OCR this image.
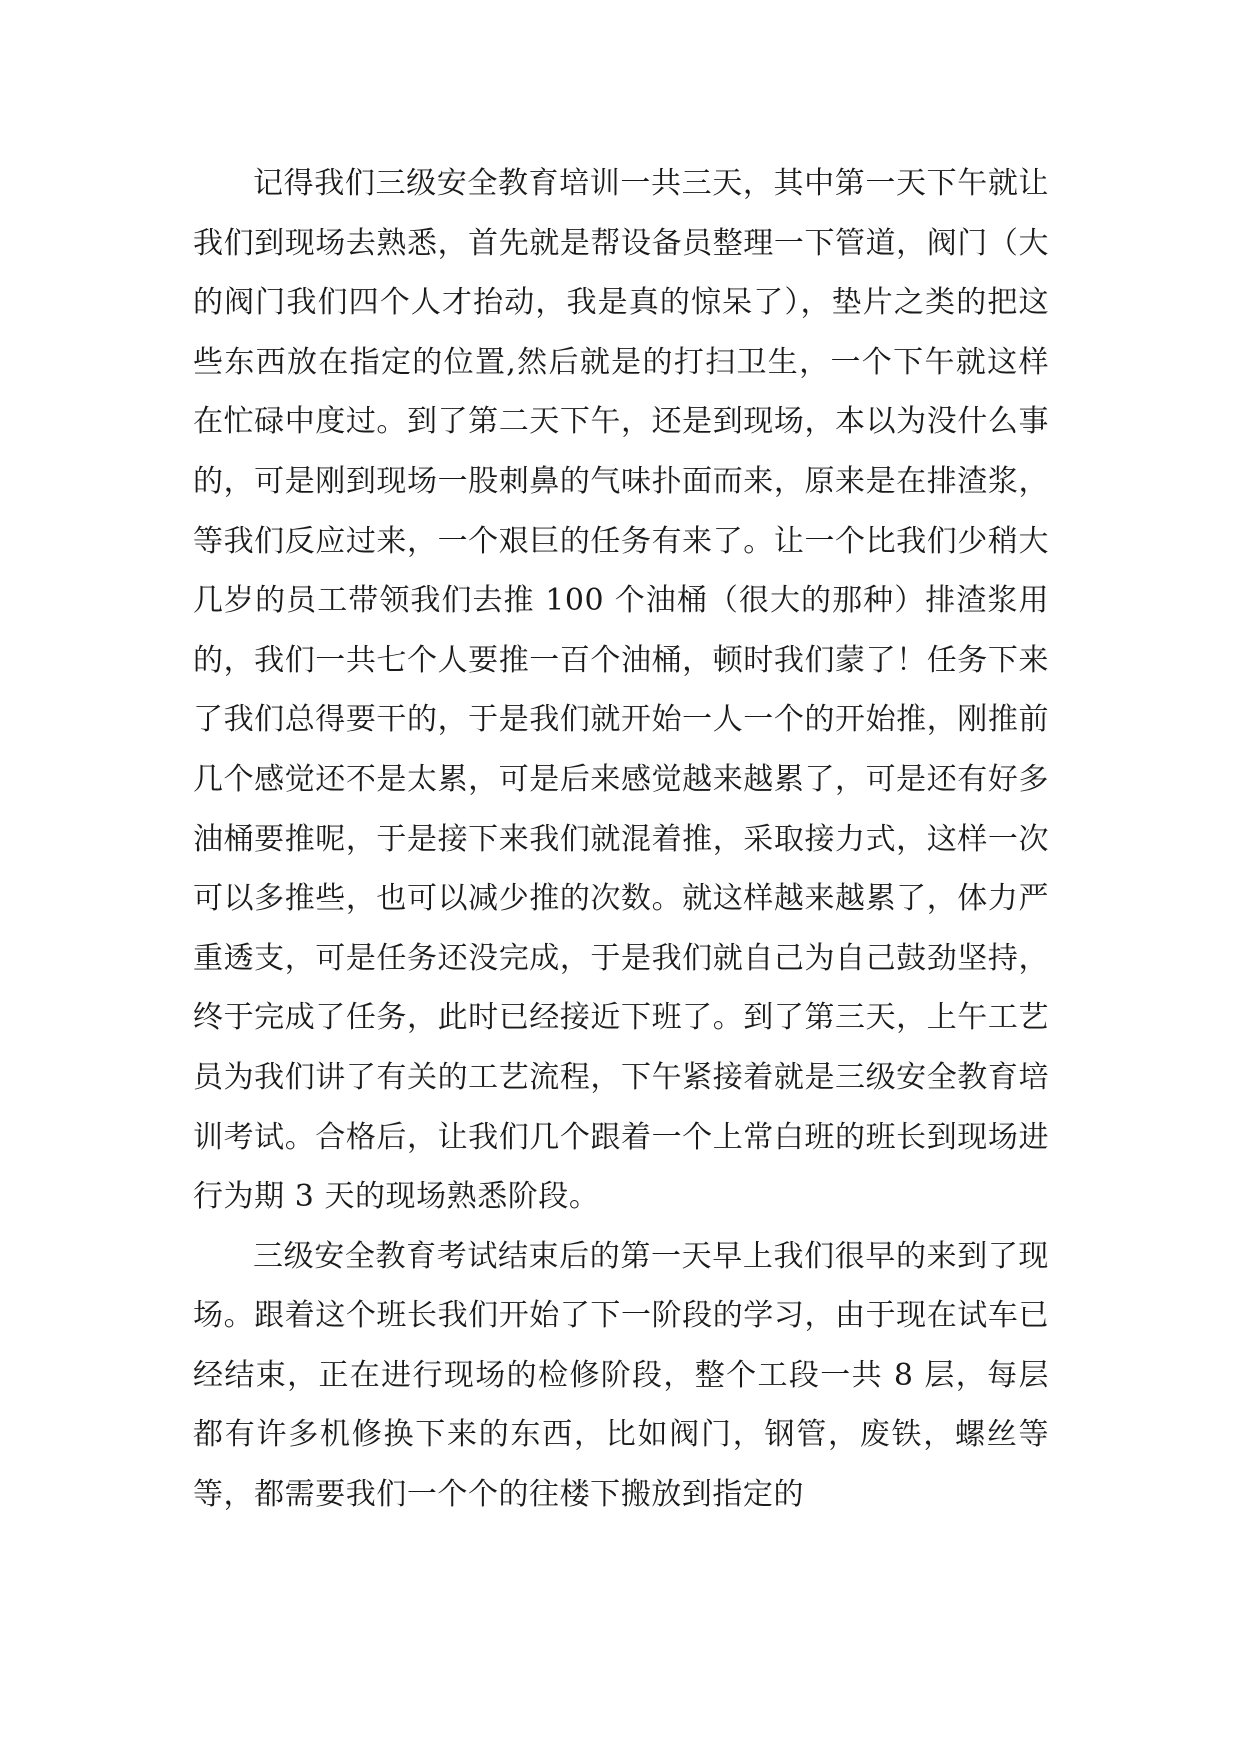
记得我们三级安全教育培训一共三天，其中第一天下午就让我们到现场去熟悉，首先就是帮设备员整理一下管道，阀门（大的阀门我们四个人才抬动，我是真的惊呆了），垫片之类的把这些东西放在指定的位置,然后就是的打扫卫生，一个下午就这样在忙碌中度过。到了第二天下午，还是到现场，本以为没什么事的，可是刚到现场一股刺鼻的气味扑面而来，原来是在排渣浆，等我们反应过来，一个艰巨的任务有来了。让一个比我们少稍大几岁的员工带领我们去推 100 个油桶（很大的那种）排渣浆用的，我们一共七个人要推一百个油桶，顿时我们蒙了！任务下来了我们总得要干的，于是我们就开始一人一个的开始推，刚推前几个感觉还不是太累，可是后来感觉越来越累了，可是还有好多油桶要推呢，于是接下来我们就混着推，采取接力式，这样一次可以多推些，也可以减少推的次数。就这样越来越累了，体力严重透支，可是任务还没完成，于是我们就自己为自己鼓劲坚持，终于完成了任务，此时已经接近下班了。到了第三天，上午工艺员为我们讲了有关的工艺流程，下午紧接着就是三级安全教育培训考试。合格后，让我们几个跟着一个上常白班的班长到现场进行为期 3 天的现场熟悉阶段。

三级安全教育考试结束后的第一天早上我们很早的来到了现场。跟着这个班长我们开始了下一阶段的学习，由于现在试车已经结束，正在进行现场的检修阶段，整个工段一共 8 层，每层都有许多机修换下来的东西，比如阀门，钢管，废铁，螺丝等等，都需要我们一个个的往楼下搬放到指定的
